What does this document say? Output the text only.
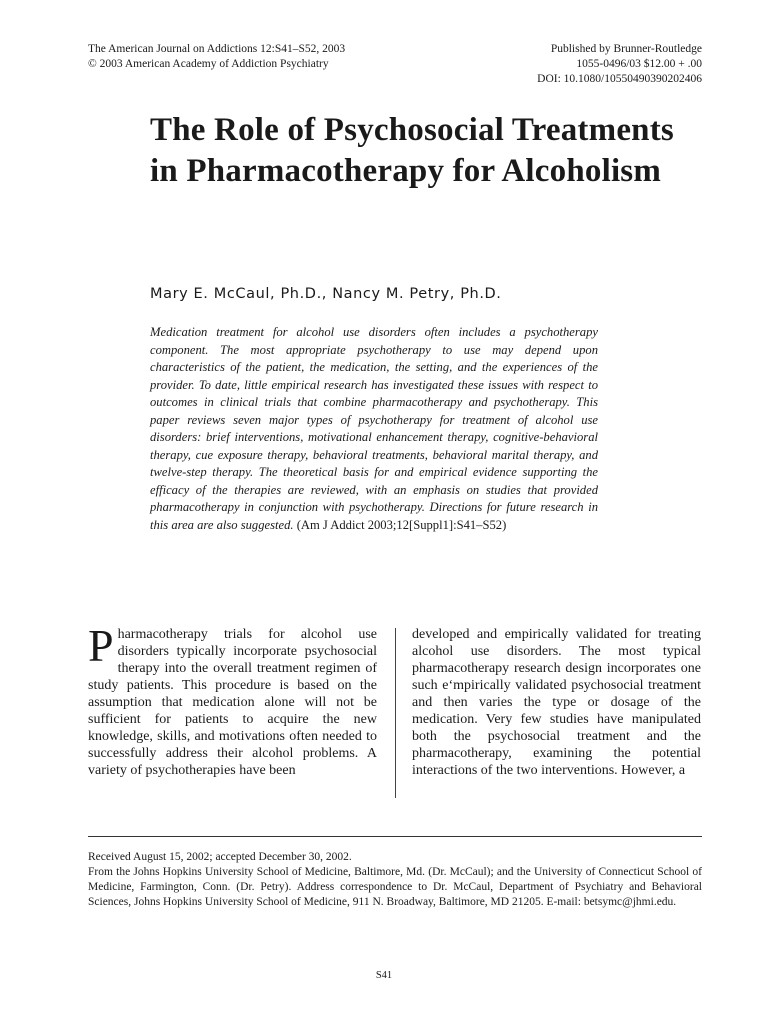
The American Journal on Addictions 12:S41–S52, 2003
© 2003 American Academy of Addiction Psychiatry
Published by Brunner-Routledge
1055-0496/03 $12.00 + .00
DOI: 10.1080/10550490390202406
The Role of Psychosocial Treatments in Pharmacotherapy for Alcoholism
Mary E. McCaul, Ph.D., Nancy M. Petry, Ph.D.

Medication treatment for alcohol use disorders often includes a psychotherapy component. The most appropriate psychotherapy to use may depend upon characteristics of the patient, the medication, the setting, and the experiences of the provider. To date, little empirical research has investigated these issues with respect to outcomes in clinical trials that combine pharmacotherapy and psychotherapy. This paper reviews seven major types of psychotherapy for treatment of alcohol use disorders: brief interventions, motivational enhancement therapy, cognitive-behavioral therapy, cue exposure therapy, behavioral treatments, behavioral marital therapy, and twelve-step therapy. The theoretical basis for and empirical evidence supporting the efficacy of the therapies are reviewed, with an emphasis on studies that provided pharmacotherapy in conjunction with psychotherapy. Directions for future research in this area are also suggested. (Am J Addict 2003;12[Suppl1]:S41–S52)

Pharmacotherapy trials for alcohol use disorders typically incorporate psychosocial therapy into the overall treatment regimen of study patients. This procedure is based on the assumption that medication alone will not be sufficient for patients to acquire the new knowledge, skills, and motivations often needed to successfully address their alcohol problems. A variety of psychotherapies have been

developed and empirically validated for treating alcohol use disorders. The most typical pharmacotherapy research design incorporates one such e‘mpirically validated psychosocial treatment and then varies the type or dosage of the medication. Very few studies have manipulated both the psychosocial treatment and the pharmacotherapy, examining the potential interactions of the two interventions. However, a

Received August 15, 2002; accepted December 30, 2002.
From the Johns Hopkins University School of Medicine, Baltimore, Md. (Dr. McCaul); and the University of Connecticut School of Medicine, Farmington, Conn. (Dr. Petry). Address correspondence to Dr. McCaul, Department of Psychiatry and Behavioral Sciences, Johns Hopkins University School of Medicine, 911 N. Broadway, Baltimore, MD 21205. E-mail: betsymc@jhmi.edu.
S41
